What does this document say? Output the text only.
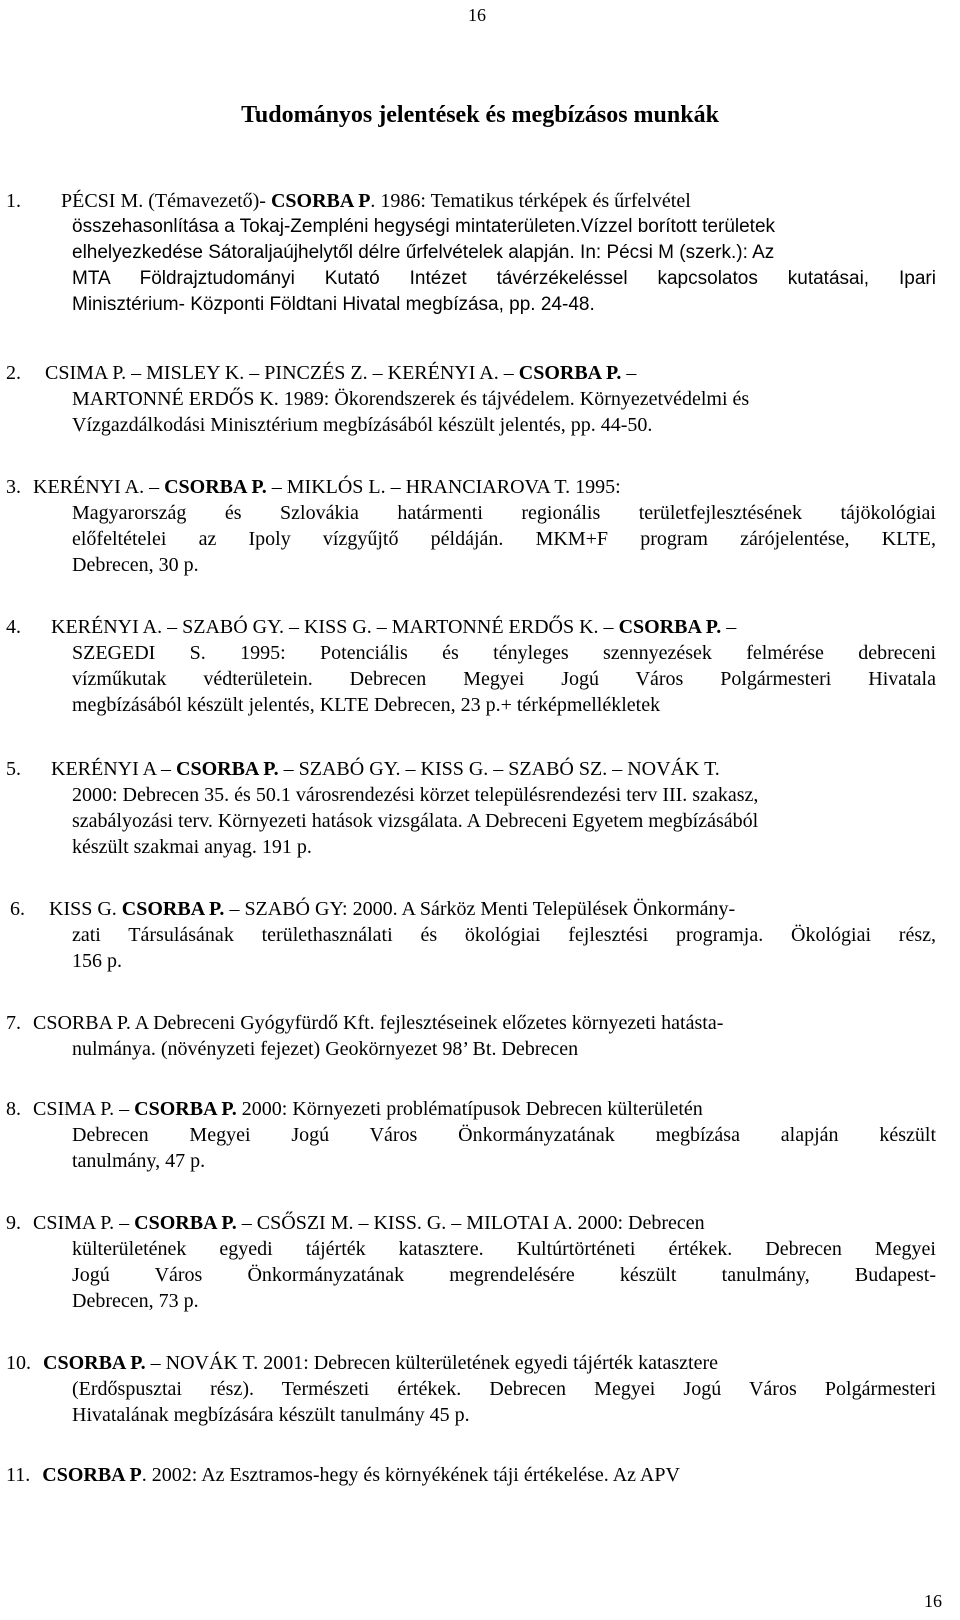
16
Tudományos jelentések és megbízásos munkák

1. PÉCSI M. (Témavezető)- CSORBA P. 1986: Tematikus térképek és űrfelvétel

összehasonlítása a Tokaj-Zempléni hegységi mintaterületen.Vízzel borított területek

elhelyezkedése Sátoraljaújhelytől délre űrfelvételek alapján. In: Pécsi M (szerk.): Az

MTA Földrajztudományi Kutató Intézet távérzékeléssel kapcsolatos kutatásai, Ipari

Minisztérium- Központi Földtani Hivatal megbízása, pp. 24-48.

2. CSIMA P. – MISLEY K. – PINCZÉS Z. – KERÉNYI A. – CSORBA P. –

MARTONNÉ ERDŐS K. 1989: Ökorendszerek és tájvédelem. Környezetvédelmi és

Vízgazdálkodási Minisztérium megbízásából készült jelentés, pp. 44-50.

3. KERÉNYI A. – CSORBA P. – MIKLÓS L. – HRANCIAROVA T. 1995:

Magyarország és Szlovákia határmenti regionális területfejlesztésének tájökológiai

előfeltételei az Ipoly vízgyűjtő példáján. MKM+F program zárójelentése, KLTE,

Debrecen, 30 p.

4. KERÉNYI A. – SZABÓ GY. – KISS G. – MARTONNÉ ERDŐS K. – CSORBA P. –

SZEGEDI S. 1995: Potenciális és tényleges szennyezések felmérése debreceni

vízműkutak védterületein. Debrecen Megyei Jogú Város Polgármesteri Hivatala

megbízásából készült jelentés, KLTE Debrecen, 23 p.+ térképmellékletek

5. KERÉNYI A – CSORBA P. – SZABÓ GY. – KISS G. – SZABÓ SZ. – NOVÁK T.

2000: Debrecen 35. és 50.1 városrendezési körzet településrendezési terv III. szakasz,

szabályozási terv. Környezeti hatások vizsgálata. A Debreceni Egyetem megbízásából

készült szakmai anyag. 191 p.

6. KISS G. CSORBA P. – SZABÓ GY: 2000. A Sárköz Menti Települések Önkormány-

zati Társulásának területhasználati és ökológiai fejlesztési programja. Ökológiai rész,

156 p.

7. CSORBA P. A Debreceni Gyógyfürdő Kft. fejlesztéseinek előzetes környezeti hatásta-

nulmánya. (növényzeti fejezet) Geokörnyezet 98’ Bt. Debrecen

8. CSIMA P. – CSORBA P. 2000: Környezeti problématípusok Debrecen külterületén

Debrecen Megyei Jogú Város Önkormányzatának megbízása alapján készült

tanulmány, 47 p.

9. CSIMA P. – CSORBA P. – CSŐSZI M. – KISS. G. – MILOTAI A. 2000: Debrecen

külterületének egyedi tájérték kataszterе. Kultúrtörténeti értékek. Debrecen Megyei

Jogú Város Önkormányzatának megrendelésére készült tanulmány, Budapest-

Debrecen, 73 p.

10. CSORBA P. – NOVÁK T. 2001: Debrecen külterületének egyedi tájérték kataszterе

(Erdőspusztai rész). Természeti értékek. Debrecen Megyei Jogú Város Polgármesteri

Hivatalának megbízására készült tanulmány 45 p.

11. CSORBA P. 2002: Az Esztramos-hegy és környékének táji értékelése. Az APV

16
